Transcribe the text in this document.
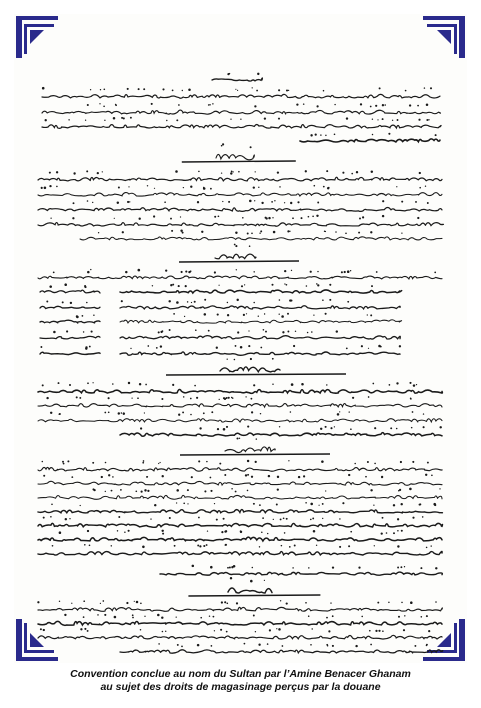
Convention conclue au nom du Sultan par l’Amine Benacer Ghanam
au sujet des droits de magasinage perçus par la douane
